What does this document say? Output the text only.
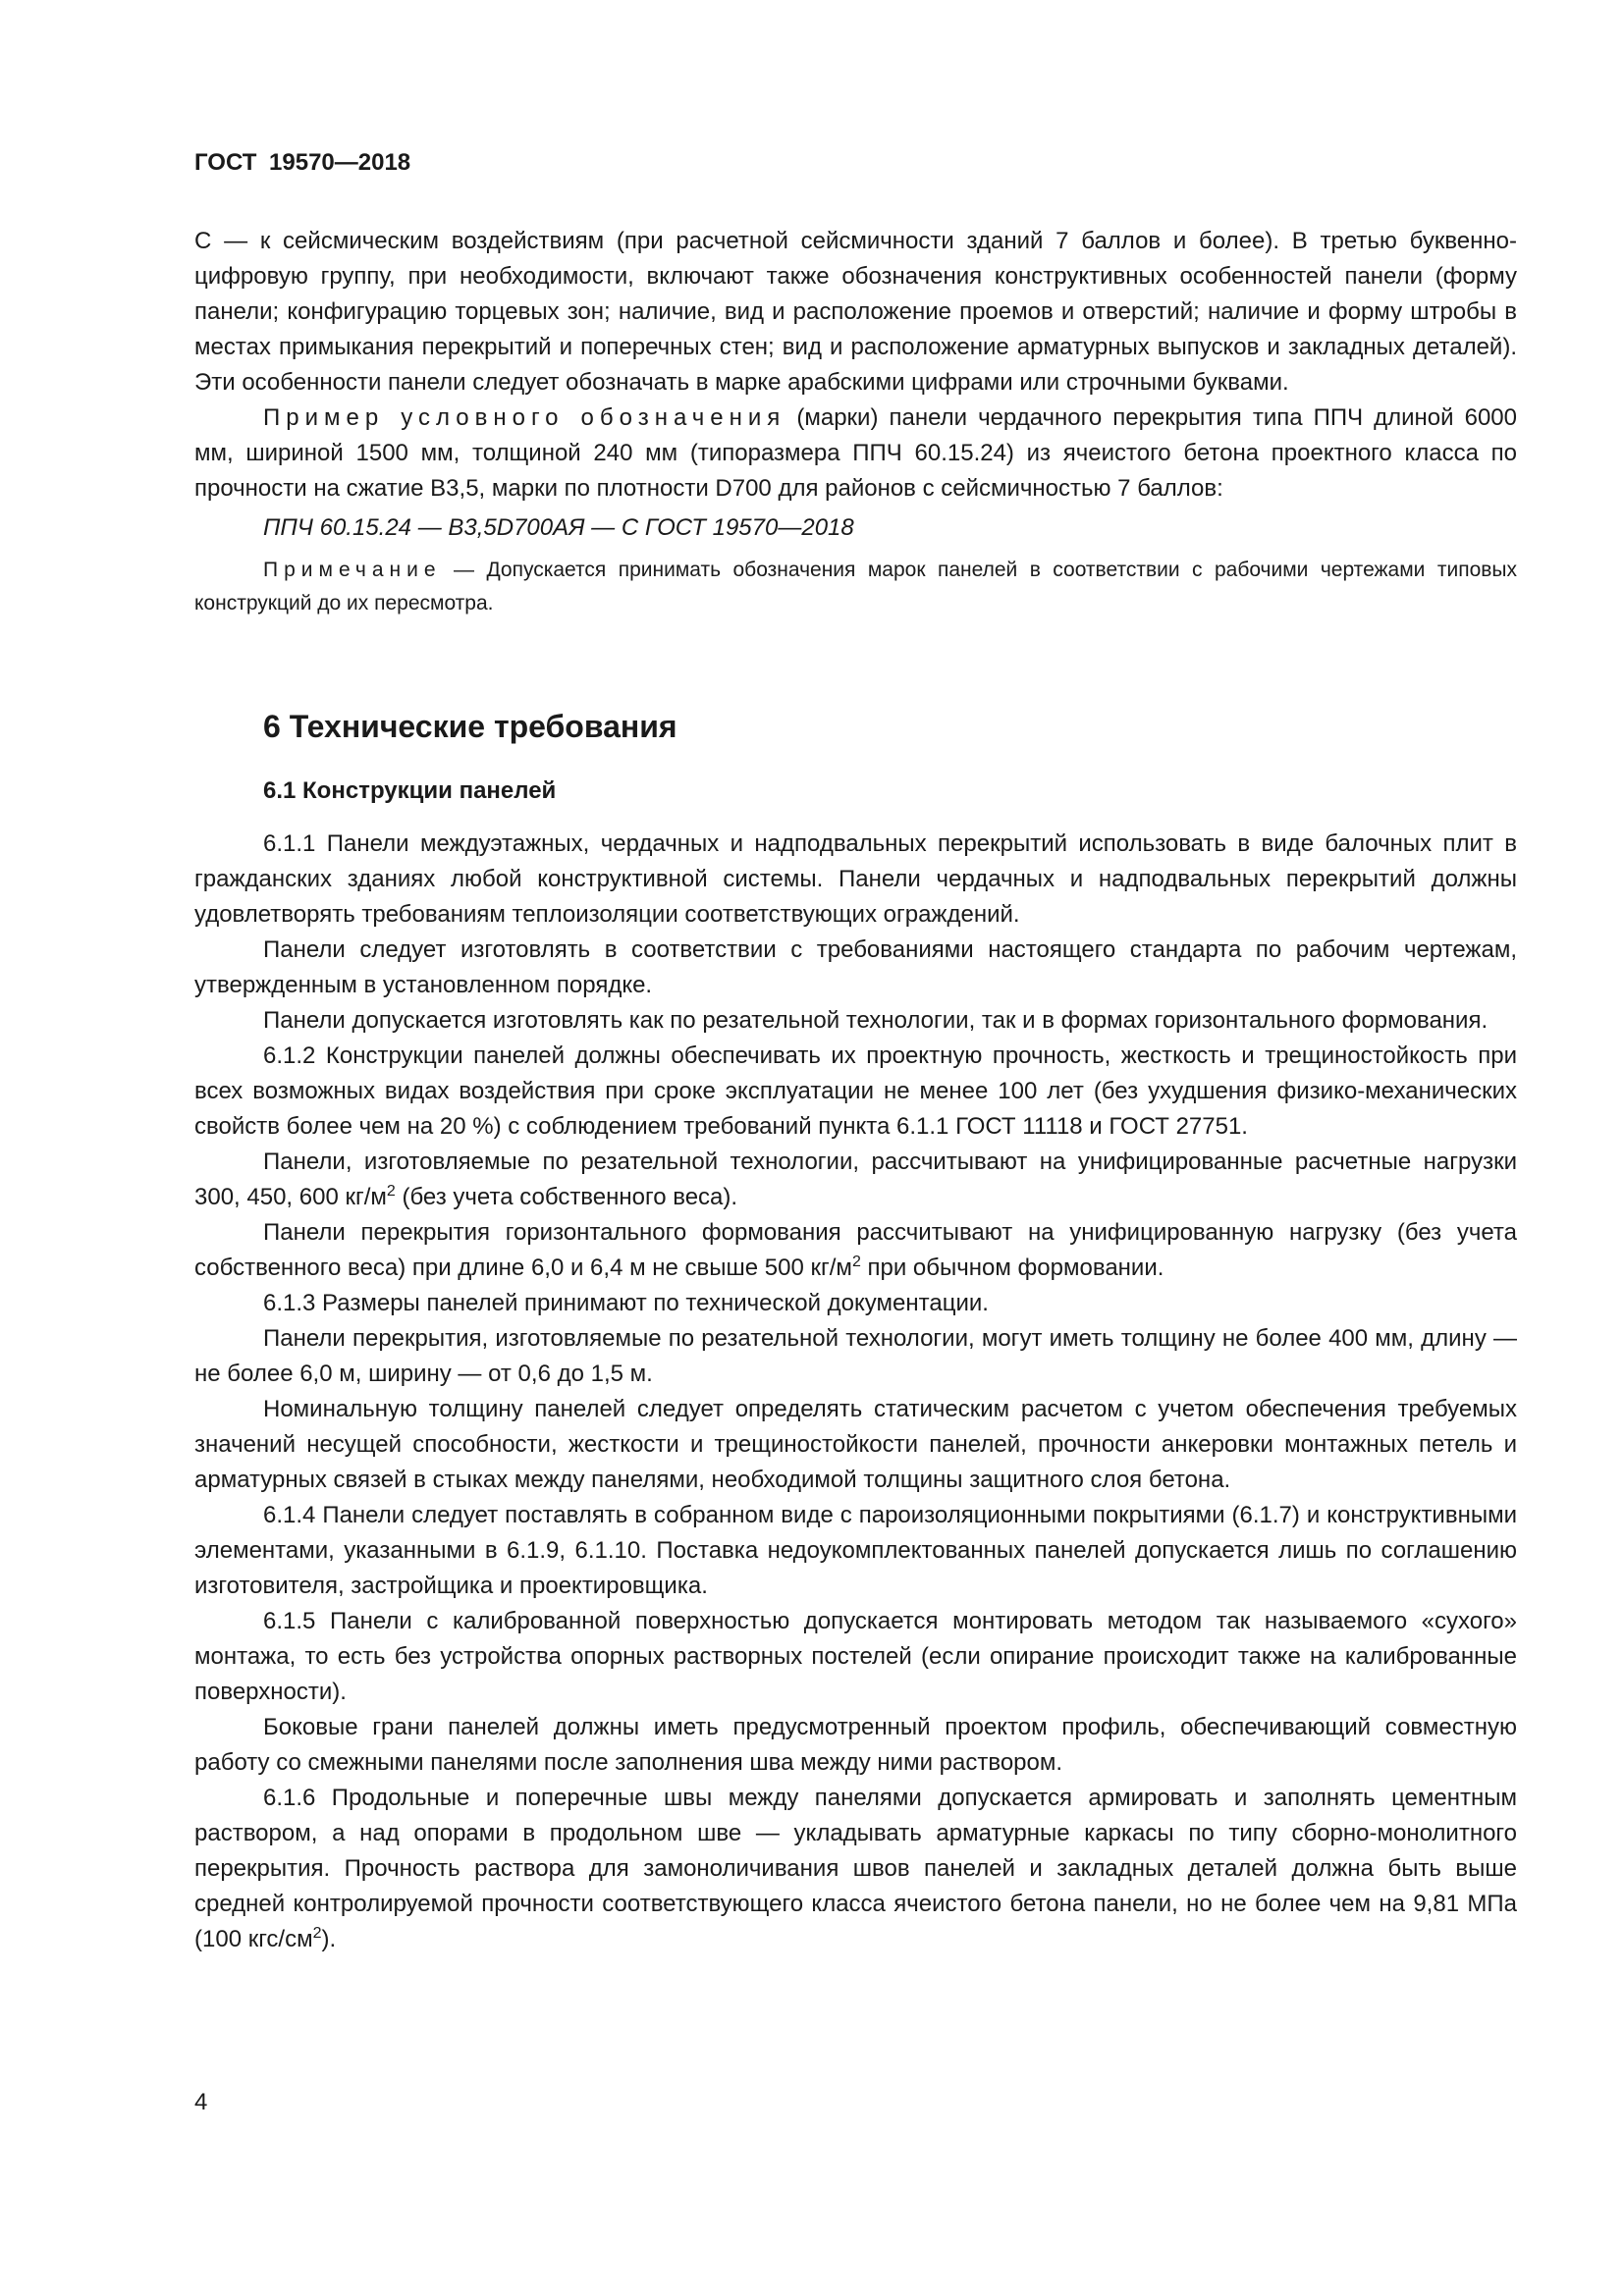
ГОСТ 19570—2018

С — к сейсмическим воздействиям (при расчетной сейсмичности зданий 7 баллов и более). В третью буквенно-цифровую группу, при необходимости, включают также обозначения конструктивных особенностей панели (форму панели; конфигурацию торцевых зон; наличие, вид и расположение проемов и отверстий; наличие и форму штробы в местах примыкания перекрытий и поперечных стен; вид и расположение арматурных выпусков и закладных деталей). Эти особенности панели следует обозначать в марке арабскими цифрами или строчными буквами.

Пример условного обозначения (марки) панели чердачного перекрытия типа ППЧ длиной 6000 мм, шириной 1500 мм, толщиной 240 мм (типоразмера ППЧ 60.15.24) из ячеистого бетона проектного класса по прочности на сжатие В3,5, марки по плотности D700 для районов с сейсмичностью 7 баллов:

ППЧ 60.15.24 — В3,5D700АЯ — С ГОСТ 19570—2018

Примечание — Допускается принимать обозначения марок панелей в соответствии с рабочими чертежами типовых конструкций до их пересмотра.

6 Технические требования
6.1 Конструкции панелей

6.1.1 Панели междуэтажных, чердачных и надподвальных перекрытий использовать в виде балочных плит в гражданских зданиях любой конструктивной системы. Панели чердачных и надподвальных перекрытий должны удовлетворять требованиям теплоизоляции соответствующих ограждений.

Панели следует изготовлять в соответствии с требованиями настоящего стандарта по рабочим чертежам, утвержденным в установленном порядке.

Панели допускается изготовлять как по резательной технологии, так и в формах горизонтального формования.

6.1.2 Конструкции панелей должны обеспечивать их проектную прочность, жесткость и трещиностойкость при всех возможных видах воздействия при сроке эксплуатации не менее 100 лет (без ухудшения физико-механических свойств более чем на 20 %) с соблюдением требований пункта 6.1.1 ГОСТ 11118 и ГОСТ 27751.

Панели, изготовляемые по резательной технологии, рассчитывают на унифицированные расчетные нагрузки 300, 450, 600 $кг/м^2$ (без учета собственного веса).

Панели перекрытия горизонтального формования рассчитывают на унифицированную нагрузку (без учета собственного веса) при длине 6,0 и 6,4 м не свыше 500 $кг/м^2$ при обычном формовании.

6.1.3 Размеры панелей принимают по технической документации.

Панели перекрытия, изготовляемые по резательной технологии, могут иметь толщину не более 400 мм, длину — не более 6,0 м, ширину — от 0,6 до 1,5 м.

Номинальную толщину панелей следует определять статическим расчетом с учетом обеспечения требуемых значений несущей способности, жесткости и трещиностойкости панелей, прочности анкеровки монтажных петель и арматурных связей в стыках между панелями, необходимой толщины защитного слоя бетона.

6.1.4 Панели следует поставлять в собранном виде с пароизоляционными покрытиями (6.1.7) и конструктивными элементами, указанными в 6.1.9, 6.1.10. Поставка недоукомплектованных панелей допускается лишь по соглашению изготовителя, застройщика и проектировщика.

6.1.5 Панели с калиброванной поверхностью допускается монтировать методом так называемого «сухого» монтажа, то есть без устройства опорных растворных постелей (если опирание происходит также на калиброванные поверхности).

Боковые грани панелей должны иметь предусмотренный проектом профиль, обеспечивающий совместную работу со смежными панелями после заполнения шва между ними раствором.

6.1.6 Продольные и поперечные швы между панелями допускается армировать и заполнять цементным раствором, а над опорами в продольном шве — укладывать арматурные каркасы по типу сборно-монолитного перекрытия. Прочность раствора для замоноличивания швов панелей и закладных деталей должна быть выше средней контролируемой прочности соответствующего класса ячеистого бетона панели, но не более чем на 9,81 МПа (100 кгс/$см^2$).

4
